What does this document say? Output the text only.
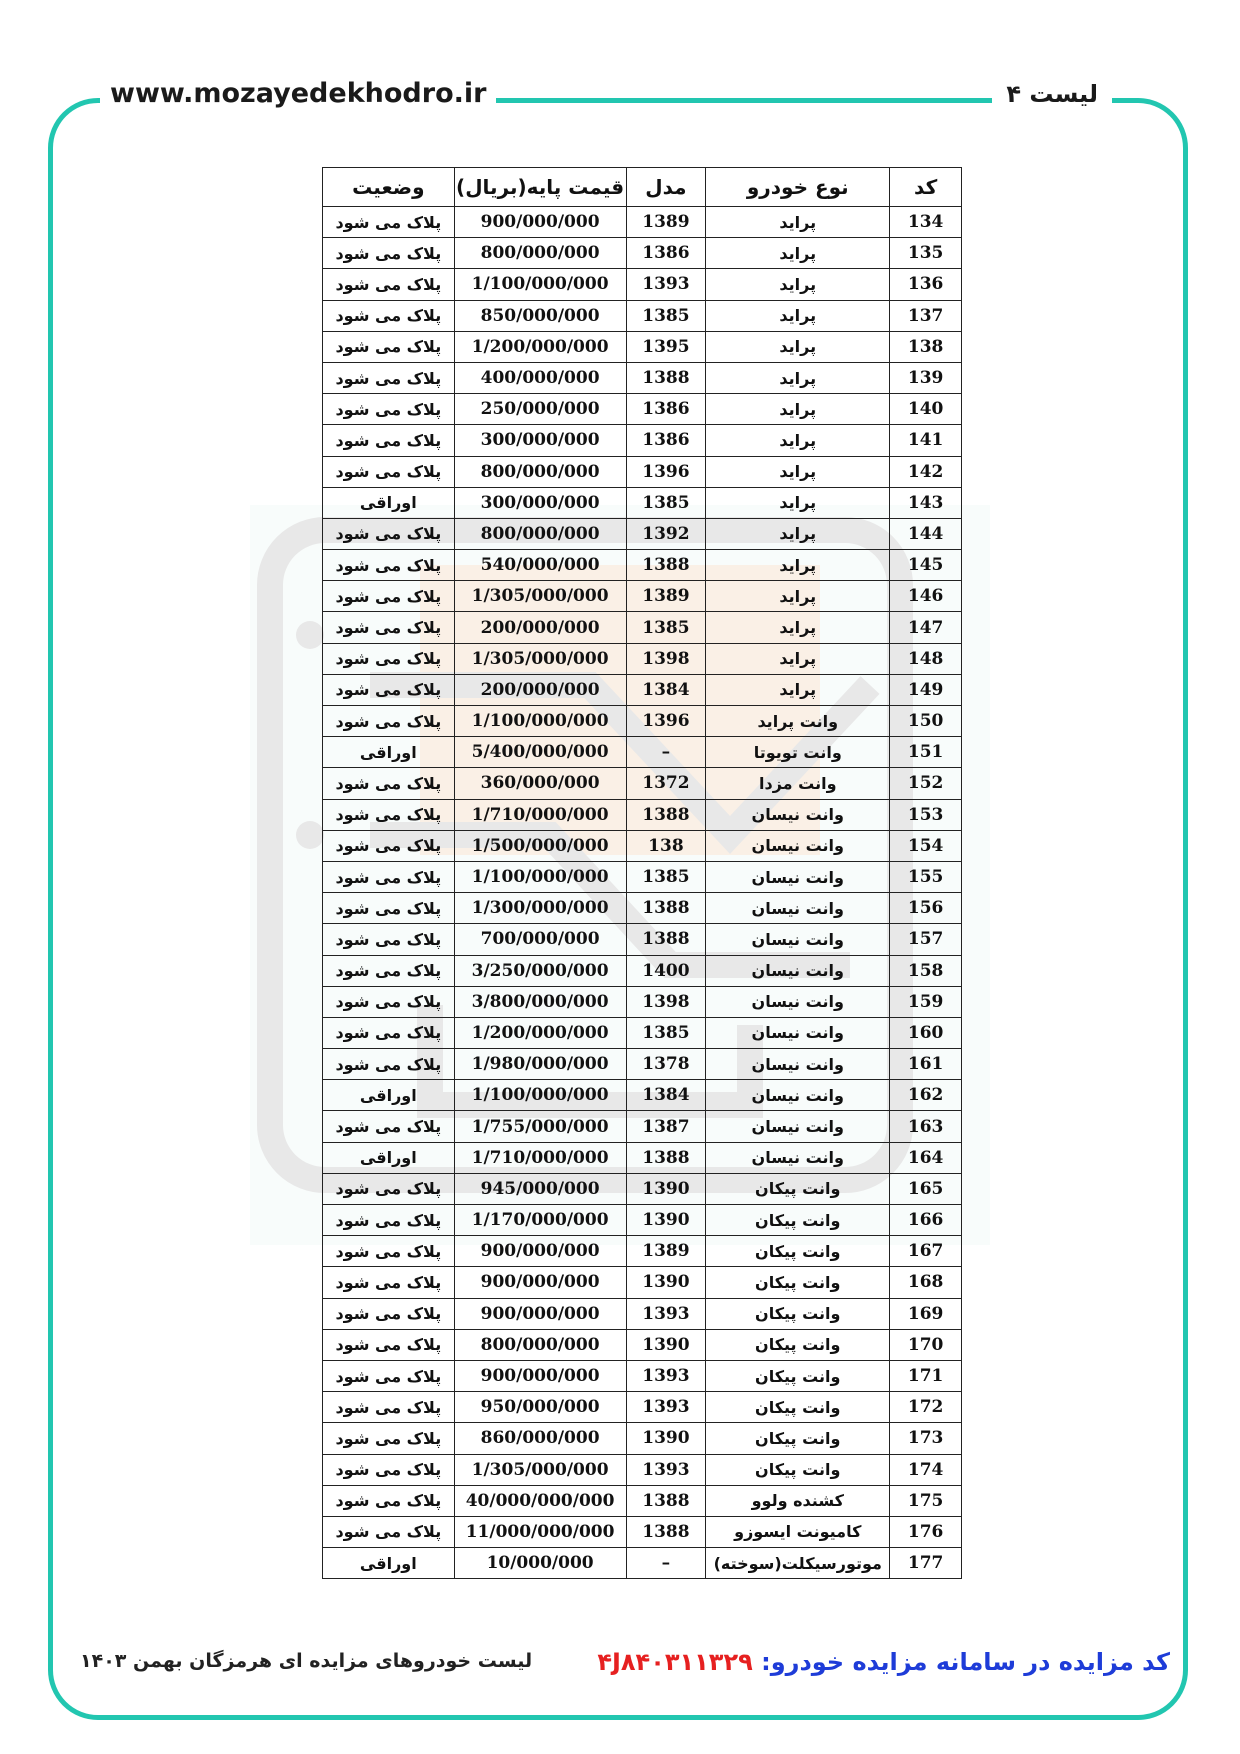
www.mozayedekhodro.ir	لیست ۴
کد	نوع خودرو	مدل	قیمت پایه(بریال)	وضعیت
134	پراید	1389	900/000/000	پلاک می شود
135	پراید	1386	800/000/000	پلاک می شود
136	پراید	1393	1/100/000/000	پلاک می شود
137	پراید	1385	850/000/000	پلاک می شود
138	پراید	1395	1/200/000/000	پلاک می شود
139	پراید	1388	400/000/000	پلاک می شود
140	پراید	1386	250/000/000	پلاک می شود
141	پراید	1386	300/000/000	پلاک می شود
142	پراید	1396	800/000/000	پلاک می شود
143	پراید	1385	300/000/000	اوراقی
144	پراید	1392	800/000/000	پلاک می شود
145	پراید	1388	540/000/000	پلاک می شود
146	پراید	1389	1/305/000/000	پلاک می شود
147	پراید	1385	200/000/000	پلاک می شود
148	پراید	1398	1/305/000/000	پلاک می شود
149	پراید	1384	200/000/000	پلاک می شود
150	وانت پراید	1396	1/100/000/000	پلاک می شود
151	وانت تویوتا	–	5/400/000/000	اوراقی
152	وانت مزدا	1372	360/000/000	پلاک می شود
153	وانت نیسان	1388	1/710/000/000	پلاک می شود
154	وانت نیسان	138	1/500/000/000	پلاک می شود
155	وانت نیسان	1385	1/100/000/000	پلاک می شود
156	وانت نیسان	1388	1/300/000/000	پلاک می شود
157	وانت نیسان	1388	700/000/000	پلاک می شود
158	وانت نیسان	1400	3/250/000/000	پلاک می شود
159	وانت نیسان	1398	3/800/000/000	پلاک می شود
160	وانت نیسان	1385	1/200/000/000	پلاک می شود
161	وانت نیسان	1378	1/980/000/000	پلاک می شود
162	وانت نیسان	1384	1/100/000/000	اوراقی
163	وانت نیسان	1387	1/755/000/000	پلاک می شود
164	وانت نیسان	1388	1/710/000/000	اوراقی
165	وانت پیکان	1390	945/000/000	پلاک می شود
166	وانت پیکان	1390	1/170/000/000	پلاک می شود
167	وانت پیکان	1389	900/000/000	پلاک می شود
168	وانت پیکان	1390	900/000/000	پلاک می شود
169	وانت پیکان	1393	900/000/000	پلاک می شود
170	وانت پیکان	1390	800/000/000	پلاک می شود
171	وانت پیکان	1393	900/000/000	پلاک می شود
172	وانت پیکان	1393	950/000/000	پلاک می شود
173	وانت پیکان	1390	860/000/000	پلاک می شود
174	وانت پیکان	1393	1/305/000/000	پلاک می شود
175	کشنده ولوو	1388	40/000/000/000	پلاک می شود
176	کامیونت ایسوزو	1388	11/000/000/000	پلاک می شود
177	موتورسیکلت(سوخته)	–	10/000/000	اوراقی
کد مزایده در سامانه مزایده خودرو: ۴J۸۴۰۳۱۱۳۲۹
لیست خودروهای مزایده ای هرمزگان بهمن ۱۴۰۳
